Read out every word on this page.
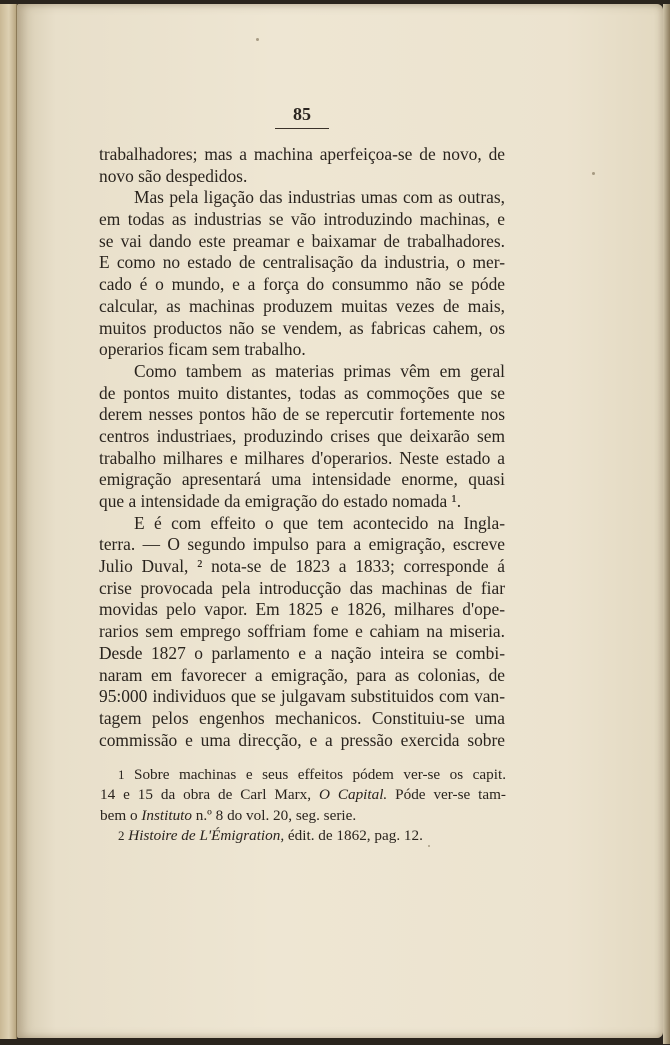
85
trabalhadores; mas a machina aperfeiçoa-se de novo, de
novo são despedidos.
Mas pela ligação das industrias umas com as outras,
em todas as industrias se vão introduzindo machinas, e
se vai dando este preamar e baixamar de trabalhadores.
E como no estado de centralisação da industria, o mer-
cado é o mundo, e a força do consummo não se póde
calcular, as machinas produzem muitas vezes de mais,
muitos productos não se vendem, as fabricas cahem, os
operarios ficam sem trabalho.
Como tambem as materias primas vêm em geral
de pontos muito distantes, todas as commoções que se
derem nesses pontos hão de se repercutir fortemente nos
centros industriaes, produzindo crises que deixarão sem
trabalho milhares e milhares d'operarios. Neste estado a
emigração apresentará uma intensidade enorme, quasi
que a intensidade da emigração do estado nomada ¹.
E é com effeito o que tem acontecido na Ingla-
terra. — O segundo impulso para a emigração, escreve
Julio Duval, ² nota-se de 1823 a 1833; corresponde á
crise provocada pela introducção das machinas de fiar
movidas pelo vapor. Em 1825 e 1826, milhares d'ope-
rarios sem emprego soffriam fome e cahiam na miseria.
Desde 1827 o parlamento e a nação inteira se combi-
naram em favorecer a emigração, para as colonias, de
95:000 individuos que se julgavam substituidos com van-
tagem pelos engenhos mechanicos. Constituiu-se uma
commissão e uma direcção, e a pressão exercida sobre
1 Sobre machinas e seus effeitos pódem ver-se os capit.
14 e 15 da obra de Carl Marx, O Capital. Póde ver-se tam-
bem o Instituto n.º 8 do vol. 20, seg. serie.
2 Histoire de L'Émigration, édit. de 1862, pag. 12.
